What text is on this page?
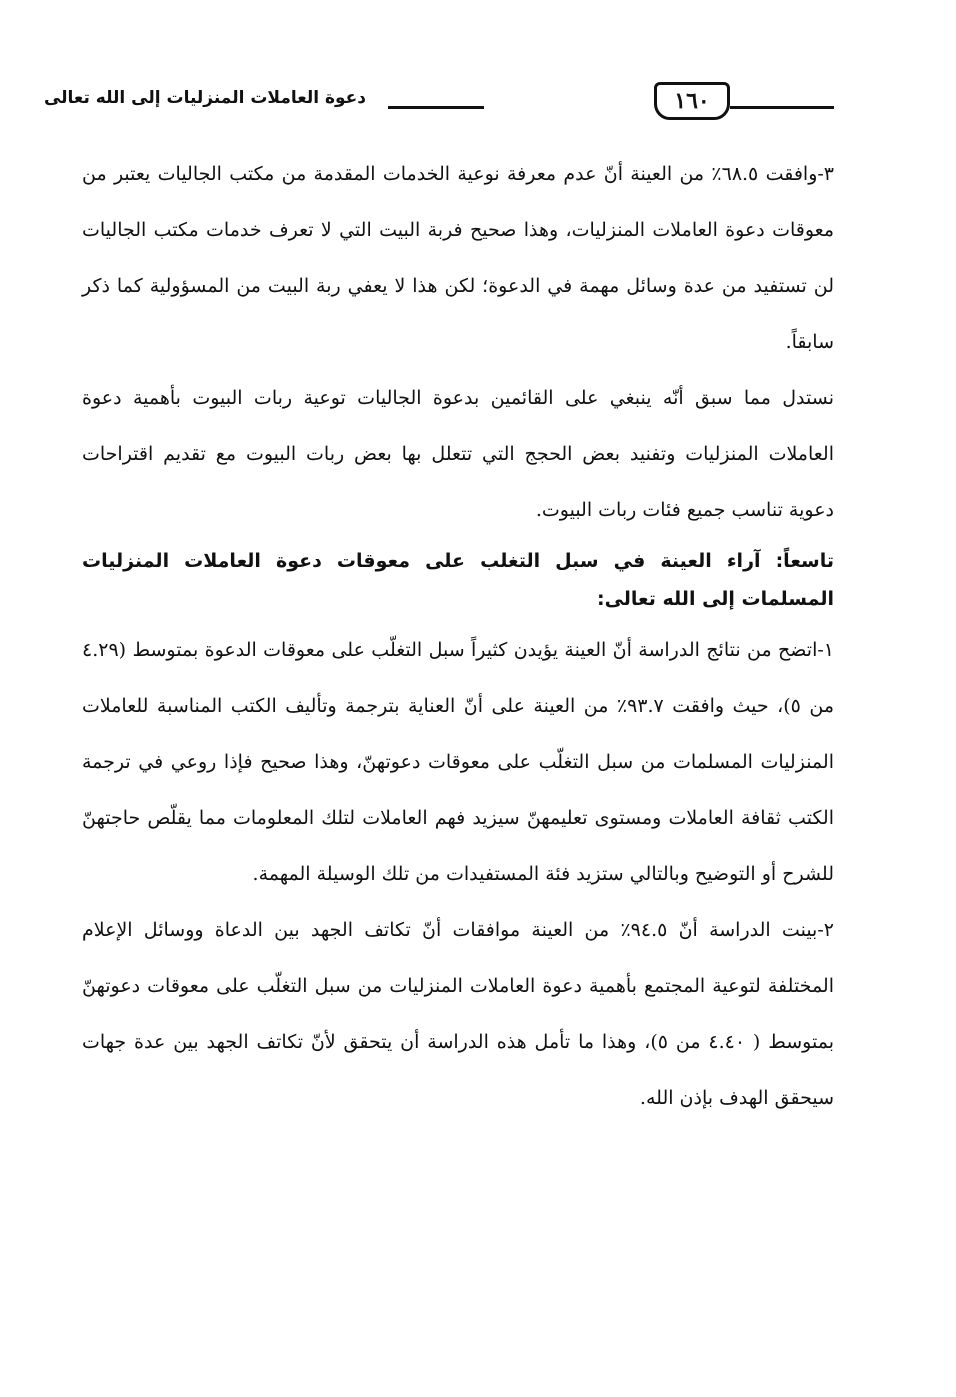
دعوة العاملات المنزليات إلى الله تعالى	١٦٠

٣-وافقت ٦٨.٥٪ من العينة أنّ عدم معرفة نوعية الخدمات المقدمة من مكتب الجاليات يعتبر من معوقات دعوة العاملات المنزليات، وهذا صحيح فربة البيت التي لا تعرف خدمات مكتب الجاليات لن تستفيد من عدة وسائل مهمة في الدعوة؛ لكن هذا لا يعفي ربة البيت من المسؤولية كما ذكر سابقاً.

نستدل مما سبق أنّه ينبغي على القائمين بدعوة الجاليات توعية ربات البيوت بأهمية دعوة العاملات المنزليات وتفنيد بعض الحجج التي تتعلل بها بعض ربات البيوت مع تقديم اقتراحات دعوية تناسب جميع فئات ربات البيوت.

تاسعاً: آراء العينة في سبل التغلب على معوقات دعوة العاملات المنزليات المسلمات إلى الله تعالى:

١-اتضح من نتائج الدراسة أنّ العينة يؤيدن كثيراً سبل التغلّب على معوقات الدعوة بمتوسط (٤.٢٩ من ٥)، حيث وافقت ٩٣.٧٪ من العينة على أنّ العناية بترجمة وتأليف الكتب المناسبة للعاملات المنزليات المسلمات من سبل التغلّب على معوقات دعوتهنّ، وهذا صحيح فإذا روعي في ترجمة الكتب ثقافة العاملات ومستوى تعليمهنّ سيزيد فهم العاملات لتلك المعلومات مما يقلّص حاجتهنّ للشرح أو التوضيح وبالتالي ستزيد فئة المستفيدات من تلك الوسيلة المهمة.

٢-بينت الدراسة أنّ ٩٤.٥٪ من العينة موافقات أنّ تكاتف الجهد بين الدعاة ووسائل الإعلام المختلفة لتوعية المجتمع بأهمية دعوة العاملات المنزليات من سبل التغلّب على معوقات دعوتهنّ بمتوسط ( ٤.٤٠ من ٥)، وهذا ما تأمل هذه الدراسة أن يتحقق لأنّ تكاتف الجهد بين عدة جهات سيحقق الهدف بإذن الله.
